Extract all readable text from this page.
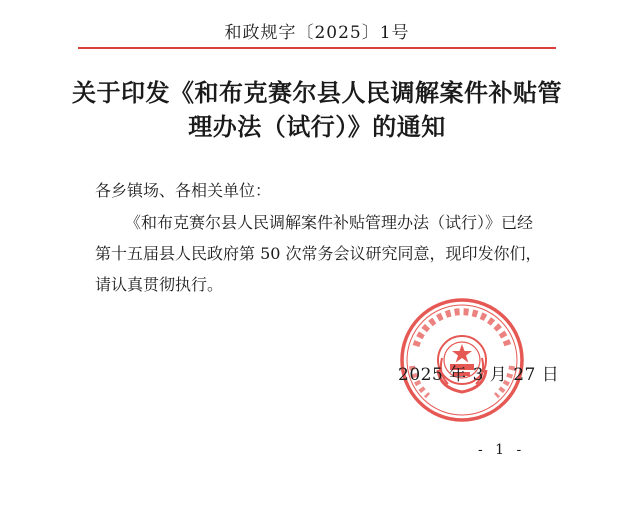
和政规字〔2025〕1号
关于印发《和布克赛尔县人民调解案件补贴管
理办法（试行）》的通知
各乡镇场、各相关单位：

《和布克赛尔县人民调解案件补贴管理办法（试行）》已经

第十五届县人民政府第 50 次常务会议研究同意，现印发你们，

请认真贯彻执行。

2025 年 3 月 27 日
- 1 -
